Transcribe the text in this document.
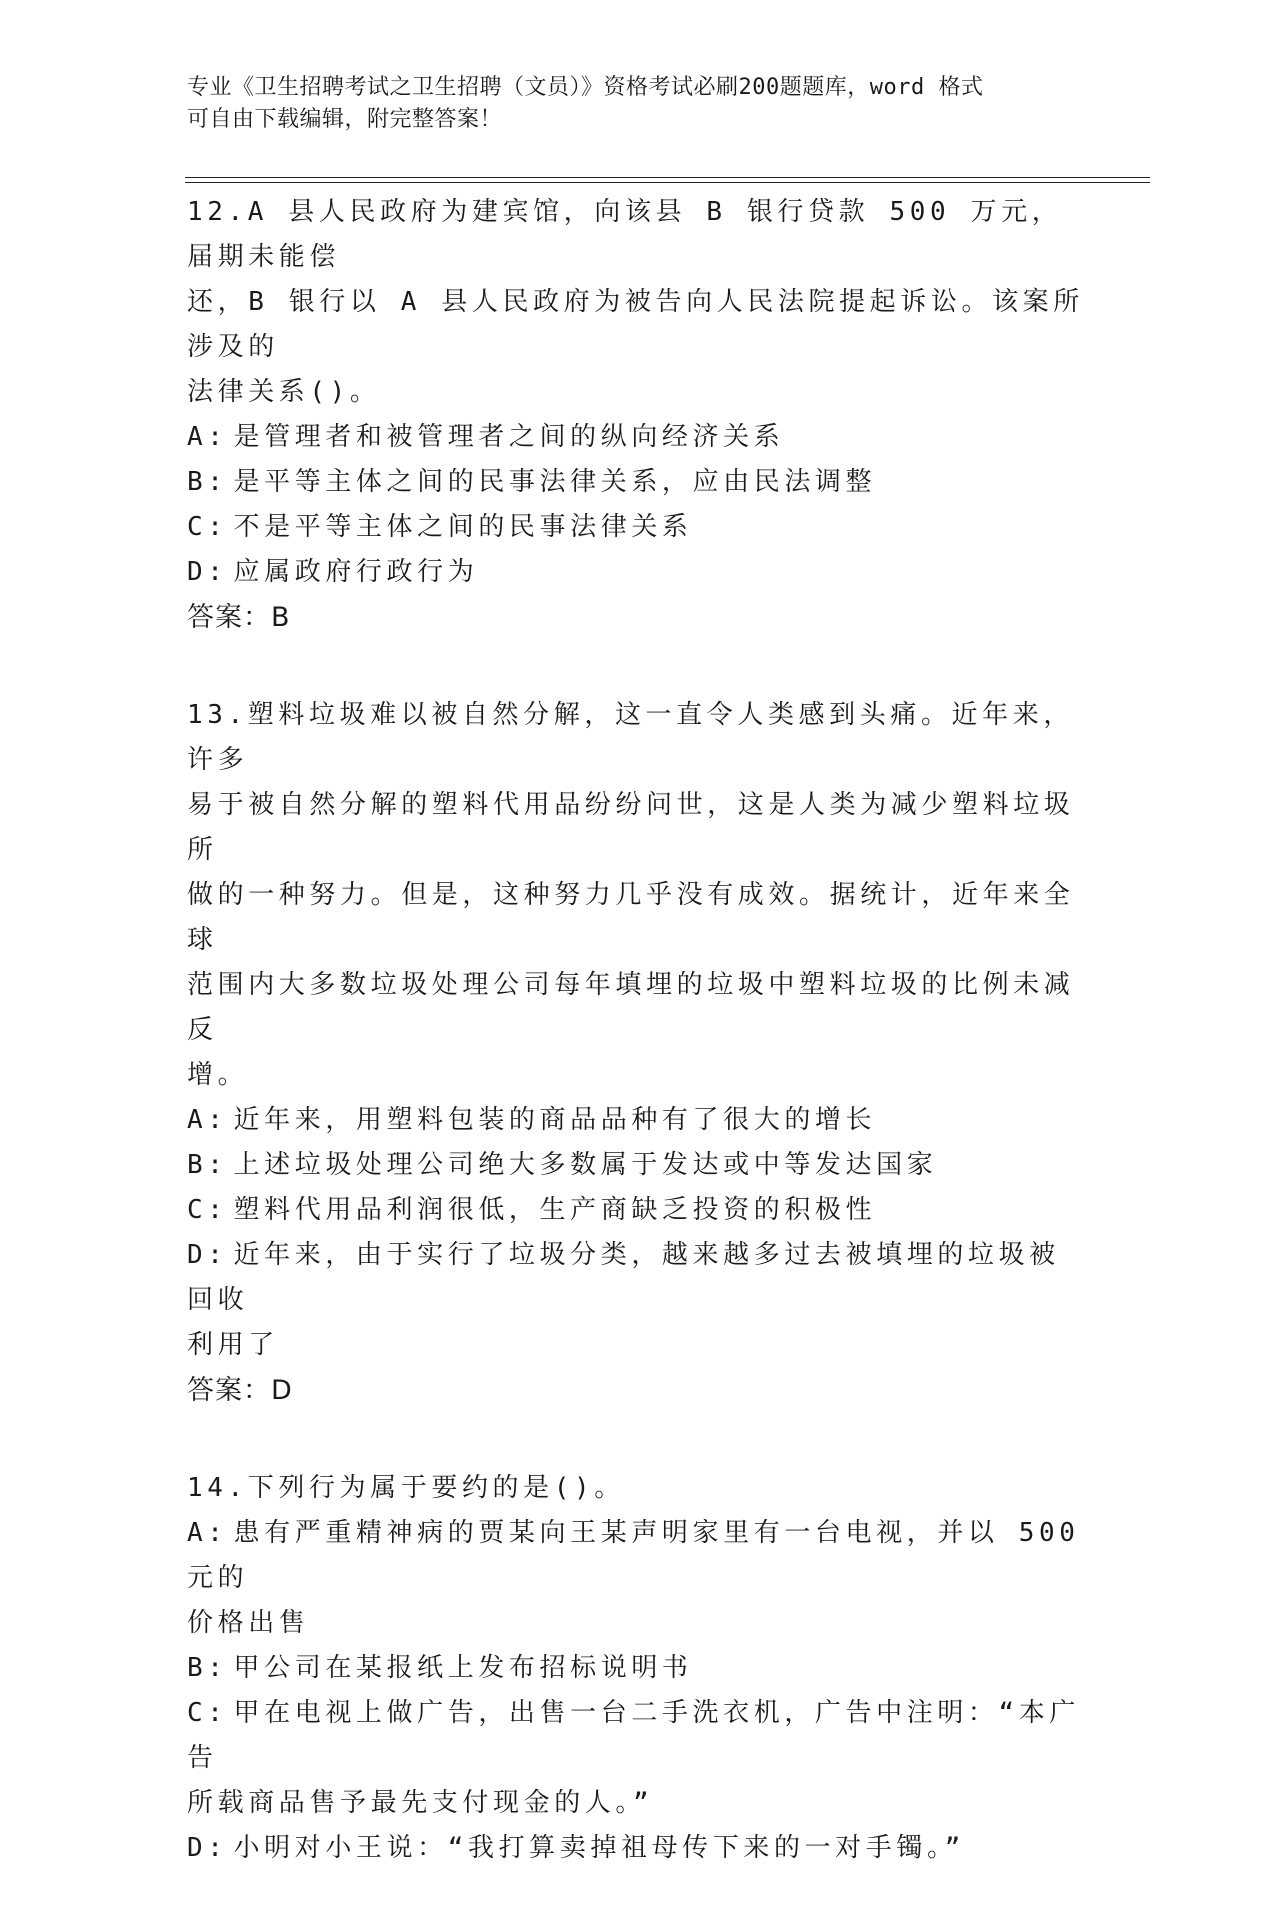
专业《卫生招聘考试之卫生招聘（文员）》资格考试必刷200题题库，word 格式
可自由下载编辑，附完整答案！

12.A 县人民政府为建宾馆，向该县 B 银行贷款 500 万元，届期未能偿

还，B 银行以 A 县人民政府为被告向人民法院提起诉讼。该案所涉及的

法律关系()。

A: 是管理者和被管理者之间的纵向经济关系

B: 是平等主体之间的民事法律关系，应由民法调整

C: 不是平等主体之间的民事法律关系

D: 应属政府行政行为

答案：B

13.塑料垃圾难以被自然分解，这一直令人类感到头痛。近年来，许多

易于被自然分解的塑料代用品纷纷问世，这是人类为减少塑料垃圾所

做的一种努力。但是，这种努力几乎没有成效。据统计，近年来全球

范围内大多数垃圾处理公司每年填埋的垃圾中塑料垃圾的比例未减反

增。

A: 近年来，用塑料包装的商品品种有了很大的增长

B: 上述垃圾处理公司绝大多数属于发达或中等发达国家

C: 塑料代用品利润很低，生产商缺乏投资的积极性

D: 近年来，由于实行了垃圾分类，越来越多过去被填埋的垃圾被回收

利用了

答案：D

14.下列行为属于要约的是()。

A: 患有严重精神病的贾某向王某声明家里有一台电视，并以 500 元的

价格出售

B: 甲公司在某报纸上发布招标说明书

C: 甲在电视上做广告，出售一台二手洗衣机，广告中注明：“本广告

所载商品售予最先支付现金的人。”

D: 小明对小王说：“我打算卖掉祖母传下来的一对手镯。”
